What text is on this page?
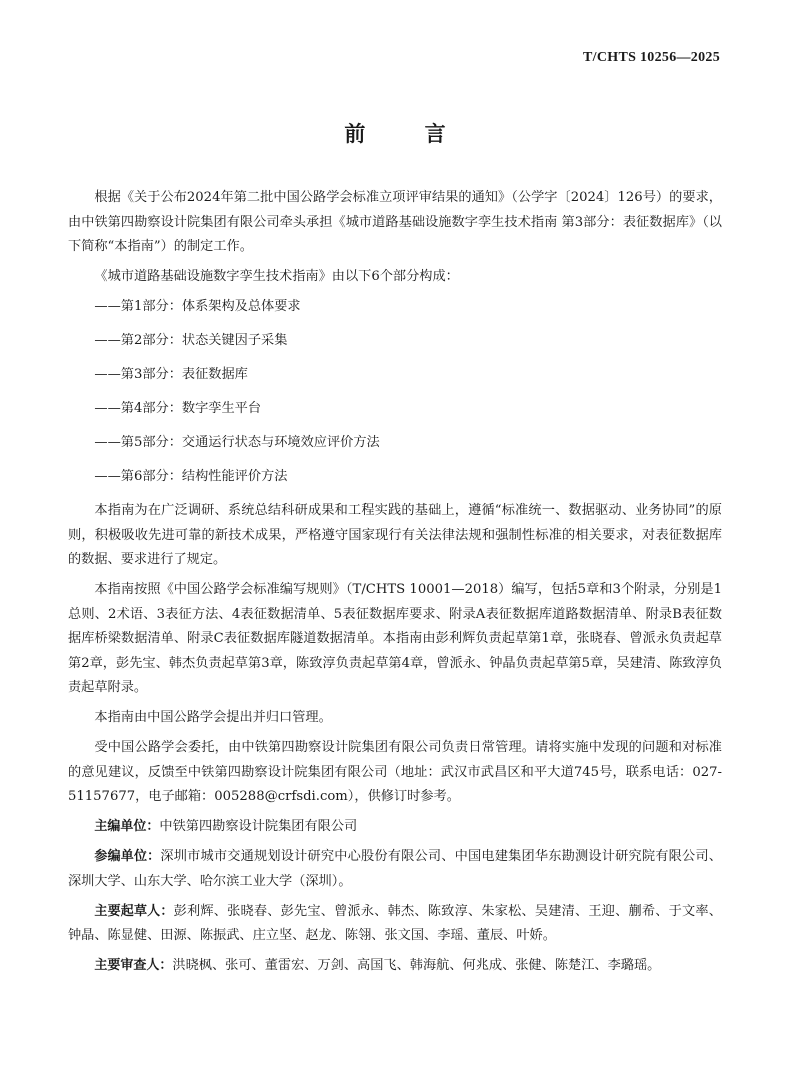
T/CHTS 10256—2025
前 言

根据《关于公布2024年第二批中国公路学会标准立项评审结果的通知》（公学字〔2024〕126号）的要求，由中铁第四勘察设计院集团有限公司牵头承担《城市道路基础设施数字孪生技术指南 第3部分：表征数据库》（以下简称“本指南”）的制定工作。

《城市道路基础设施数字孪生技术指南》由以下6个部分构成：

——第1部分：体系架构及总体要求
——第2部分：状态关键因子采集
——第3部分：表征数据库
——第4部分：数字孪生平台
——第5部分：交通运行状态与环境效应评价方法
——第6部分：结构性能评价方法

本指南为在广泛调研、系统总结科研成果和工程实践的基础上，遵循“标准统一、数据驱动、业务协同”的原则，积极吸收先进可靠的新技术成果，严格遵守国家现行有关法律法规和强制性标准的相关要求，对表征数据库的数据、要求进行了规定。

本指南按照《中国公路学会标准编写规则》（T/CHTS 10001—2018）编写，包括5章和3个附录，分别是1总则、2术语、3表征方法、4表征数据清单、5表征数据库要求、附录A表征数据库道路数据清单、附录B表征数据库桥梁数据清单、附录C表征数据库隧道数据清单。本指南由彭利辉负责起草第1章，张晓春、曾派永负责起草第2章，彭先宝、韩杰负责起草第3章，陈致淳负责起草第4章，曾派永、钟晶负责起草第5章，吴建清、陈致淳负责起草附录。

本指南由中国公路学会提出并归口管理。

受中国公路学会委托，由中铁第四勘察设计院集团有限公司负责日常管理。请将实施中发现的问题和对标准的意见建议，反馈至中铁第四勘察设计院集团有限公司（地址：武汉市武昌区和平大道745号，联系电话：027-51157677，电子邮箱：005288@crfsdi.com），供修订时参考。

主编单位：中铁第四勘察设计院集团有限公司

参编单位：深圳市城市交通规划设计研究中心股份有限公司、中国电建集团华东勘测设计研究院有限公司、深圳大学、山东大学、哈尔滨工业大学（深圳）。

主要起草人：彭利辉、张晓春、彭先宝、曾派永、韩杰、陈致淳、朱家松、吴建清、王迎、蒯希、于文率、钟晶、陈显健、田源、陈振武、庄立坚、赵龙、陈翎、张文国、李瑶、董辰、叶娇。

主要审查人：洪晓枫、张可、董雷宏、万剑、高国飞、韩海航、何兆成、张健、陈楚江、李璐瑶。
